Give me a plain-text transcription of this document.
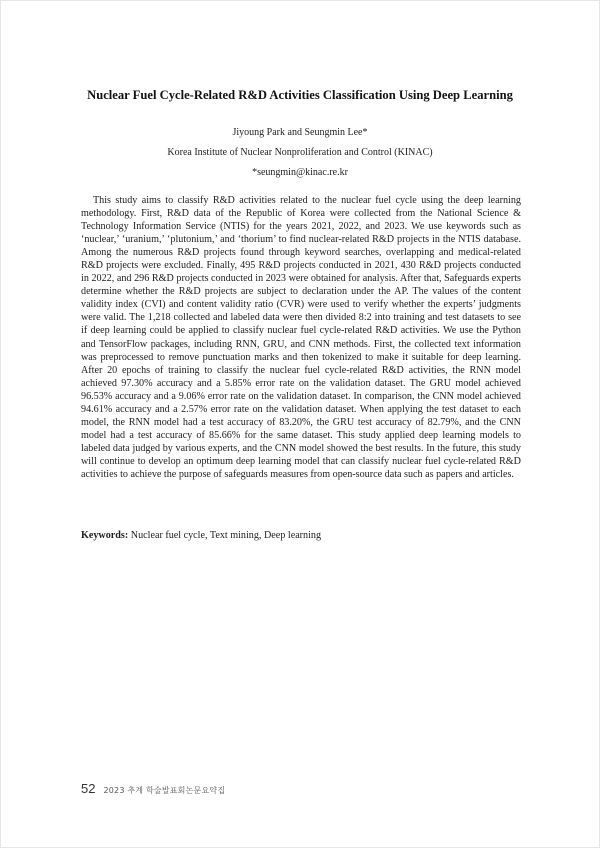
Nuclear Fuel Cycle-Related R&D Activities Classification Using Deep Learning
Jiyoung Park and Seungmin Lee*
Korea Institute of Nuclear Nonproliferation and Control (KINAC)
*seungmin@kinac.re.kr

This study aims to classify R&D activities related to the nuclear fuel cycle using the deep learning methodology. First, R&D data of the Republic of Korea were collected from the National Science & Technology Information Service (NTIS) for the years 2021, 2022, and 2023. We use keywords such as ‘nuclear,’ ‘uranium,’ ‘plutonium,’ and ‘thorium’ to find nuclear-related R&D projects in the NTIS database. Among the numerous R&D projects found through keyword searches, overlapping and medical-related R&D projects were excluded. Finally, 495 R&D projects conducted in 2021, 430 R&D projects conducted in 2022, and 296 R&D projects conducted in 2023 were obtained for analysis. After that, Safeguards experts determine whether the R&D projects are subject to declaration under the AP. The values of the content validity index (CVI) and content validity ratio (CVR) were used to verify whether the experts’ judgments were valid. The 1,218 collected and labeled data were then divided 8:2 into training and test datasets to see if deep learning could be applied to classify nuclear fuel cycle-related R&D activities. We use the Python and TensorFlow packages, including RNN, GRU, and CNN methods. First, the collected text information was preprocessed to remove punctuation marks and then tokenized to make it suitable for deep learning. After 20 epochs of training to classify the nuclear fuel cycle-related R&D activities, the RNN model achieved 97.30% accuracy and a 5.85% error rate on the validation dataset. The GRU model achieved 96.53% accuracy and a 9.06% error rate on the validation dataset. In comparison, the CNN model achieved 94.61% accuracy and a 2.57% error rate on the validation dataset. When applying the test dataset to each model, the RNN model had a test accuracy of 83.20%, the GRU test accuracy of 82.79%, and the CNN model had a test accuracy of 85.66% for the same dataset. This study applied deep learning models to labeled data judged by various experts, and the CNN model showed the best results. In the future, this study will continue to develop an optimum deep learning model that can classify nuclear fuel cycle-related R&D activities to achieve the purpose of safeguards measures from open-source data such as papers and articles.

Keywords: Nuclear fuel cycle, Text mining, Deep learning
52 2023 추계 학술발표회논문요약집
